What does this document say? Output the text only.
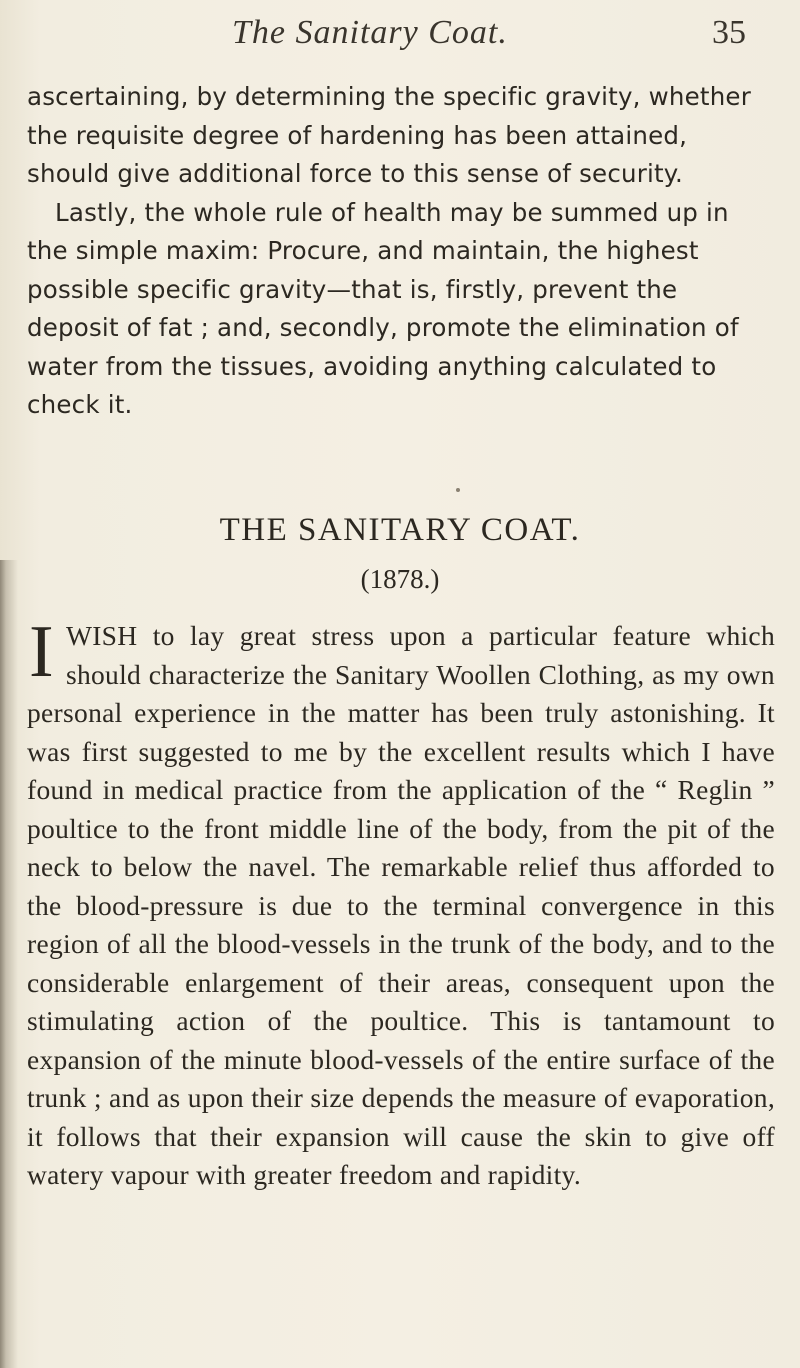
The Sanitary Coat.	35

ascertaining, by determining the specific gravity, whether the requisite degree of hardening has been attained, should give additional force to this sense of security.

Lastly, the whole rule of health may be summed up in the simple maxim: Procure, and maintain, the highest possible specific gravity—that is, firstly, prevent the deposit of fat ; and, secondly, promote the elimination of water from the tissues, avoiding anything calculated to check it.

THE SANITARY COAT.
(1878.)
I WISH to lay great stress upon a particular feature which should characterize the Sanitary Woollen Clothing, as my own personal experience in the matter has been truly astonishing. It was first suggested to me by the excellent results which I have found in medical practice from the application of the “ Reglin ” poultice to the front middle line of the body, from the pit of the neck to below the navel. The remarkable relief thus afforded to the blood-pressure is due to the terminal convergence in this region of all the blood-vessels in the trunk of the body, and to the considerable enlargement of their areas, consequent upon the stimulating action of the poultice. This is tantamount to expansion of the minute blood-vessels of the entire surface of the trunk ; and as upon their size depends the measure of evaporation, it follows that their expansion will cause the skin to give off watery vapour with greater freedom and rapidity.
